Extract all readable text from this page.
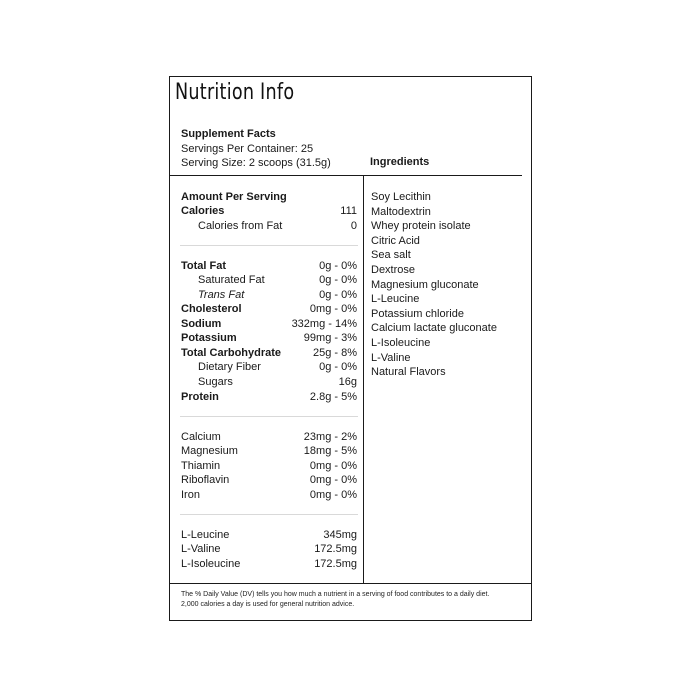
Nutrition Info
Supplement Facts
Servings Per Container: 25
Serving Size: 2 scoops (31.5g)	Ingredients
Amount Per Serving
Calories	111
Calories from Fat	0
Total Fat	0g - 0%
Saturated Fat	0g - 0%
Trans Fat	0g - 0%
Cholesterol	0mg - 0%
Sodium	332mg - 14%
Potassium	99mg - 3%
Total Carbohydrate	25g - 8%
Dietary Fiber	0g - 0%
Sugars	16g
Protein	2.8g - 5%
Calcium	23mg - 2%
Magnesium	18mg - 5%
Thiamin	0mg - 0%
Riboflavin	0mg - 0%
Iron	0mg - 0%
L-Leucine	345mg
L-Valine	172.5mg
L-Isoleucine	172.5mg
Soy Lecithin
Maltodextrin
Whey protein isolate
Citric Acid
Sea salt
Dextrose
Magnesium gluconate
L-Leucine
Potassium chloride
Calcium lactate gluconate
L-Isoleucine
L-Valine
Natural Flavors
The % Daily Value (DV) tells you how much a nutrient in a serving of food contributes to a daily diet.
2,000 calories a day is used for general nutrition advice.
